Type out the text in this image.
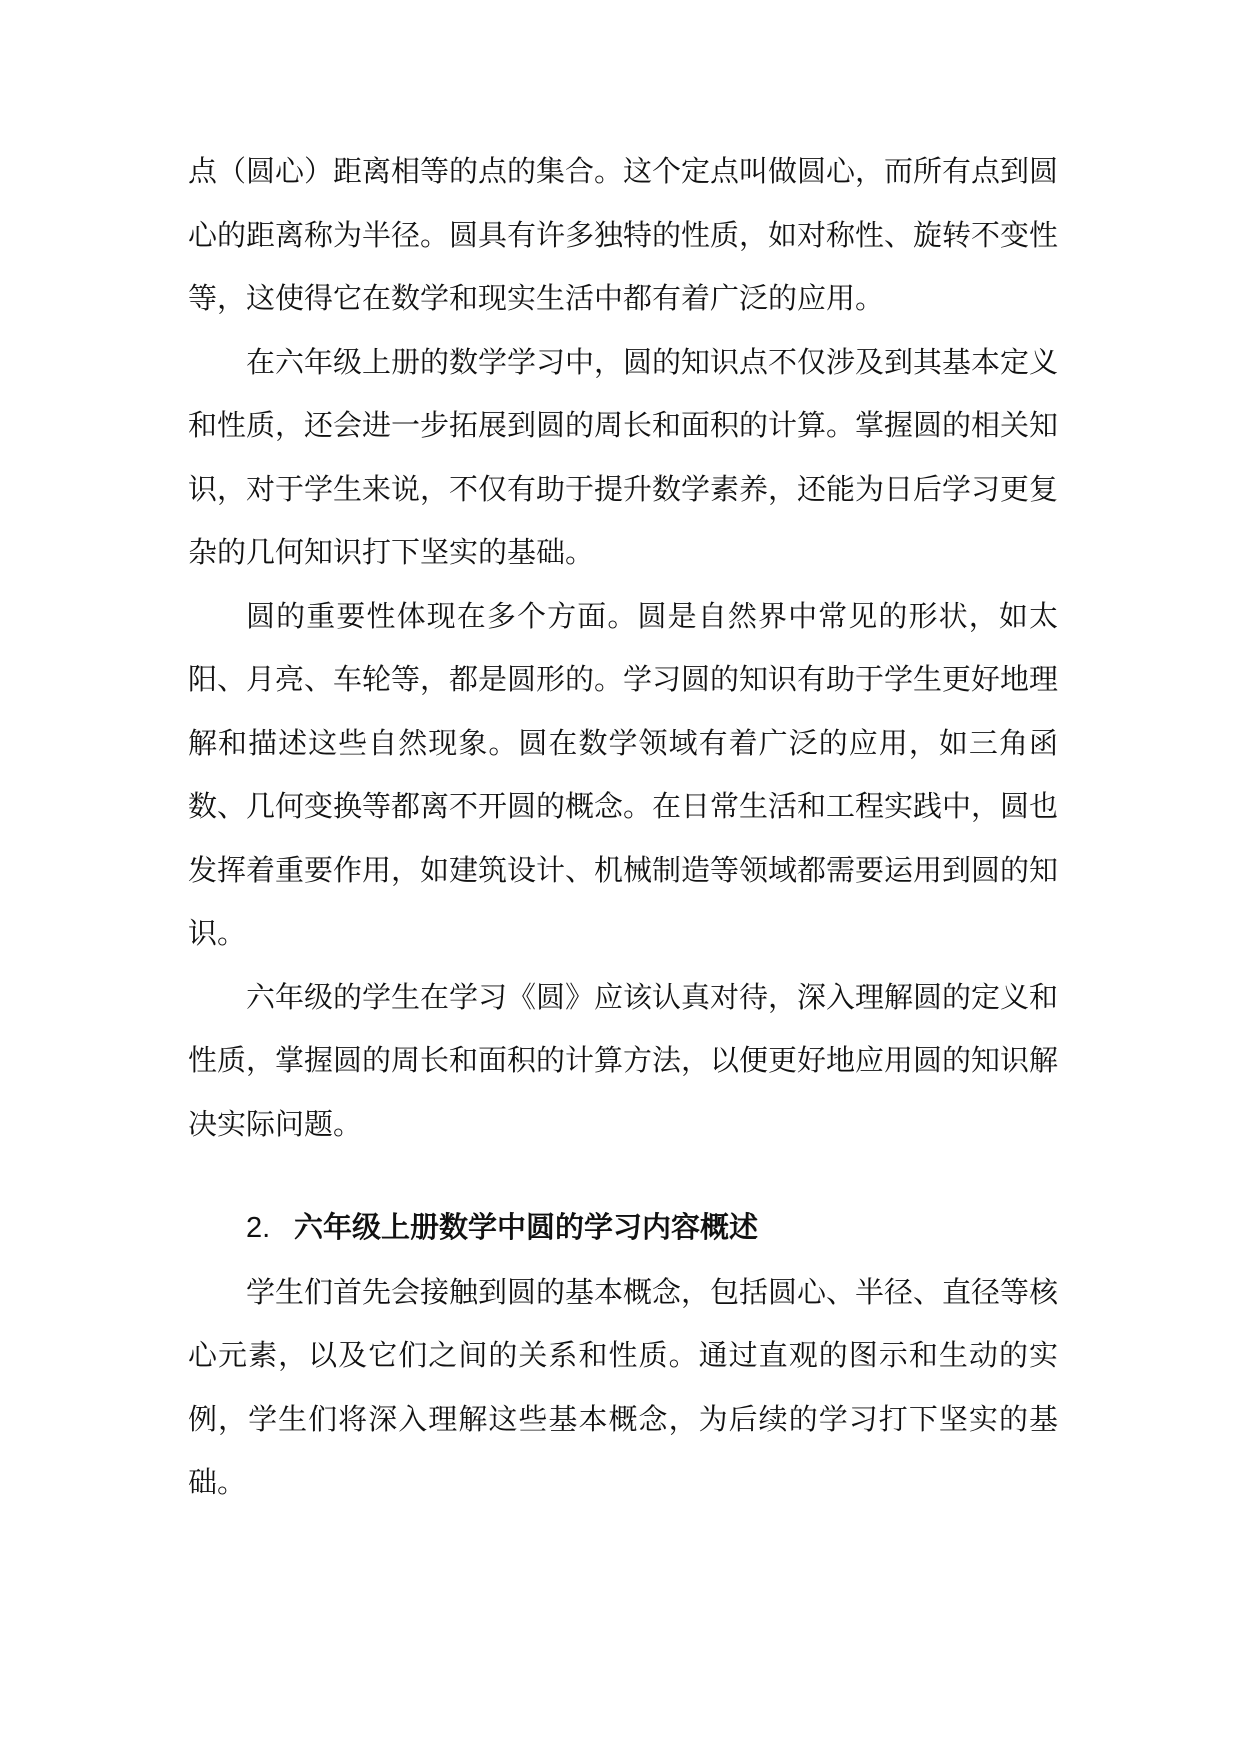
点（圆心）距离相等的点的集合。这个定点叫做圆心，而所有点到圆心的距离称为半径。圆具有许多独特的性质，如对称性、旋转不变性等，这使得它在数学和现实生活中都有着广泛的应用。

在六年级上册的数学学习中，圆的知识点不仅涉及到其基本定义和性质，还会进一步拓展到圆的周长和面积的计算。掌握圆的相关知识，对于学生来说，不仅有助于提升数学素养，还能为日后学习更复杂的几何知识打下坚实的基础。

圆的重要性体现在多个方面。圆是自然界中常见的形状，如太阳、月亮、车轮等，都是圆形的。学习圆的知识有助于学生更好地理解和描述这些自然现象。圆在数学领域有着广泛的应用，如三角函数、几何变换等都离不开圆的概念。在日常生活和工程实践中，圆也发挥着重要作用，如建筑设计、机械制造等领域都需要运用到圆的知识。

六年级的学生在学习《圆》应该认真对待，深入理解圆的定义和性质，掌握圆的周长和面积的计算方法，以便更好地应用圆的知识解决实际问题。

2. 六年级上册数学中圆的学习内容概述

学生们首先会接触到圆的基本概念，包括圆心、半径、直径等核心元素，以及它们之间的关系和性质。通过直观的图示和生动的实例，学生们将深入理解这些基本概念，为后续的学习打下坚实的基础。
